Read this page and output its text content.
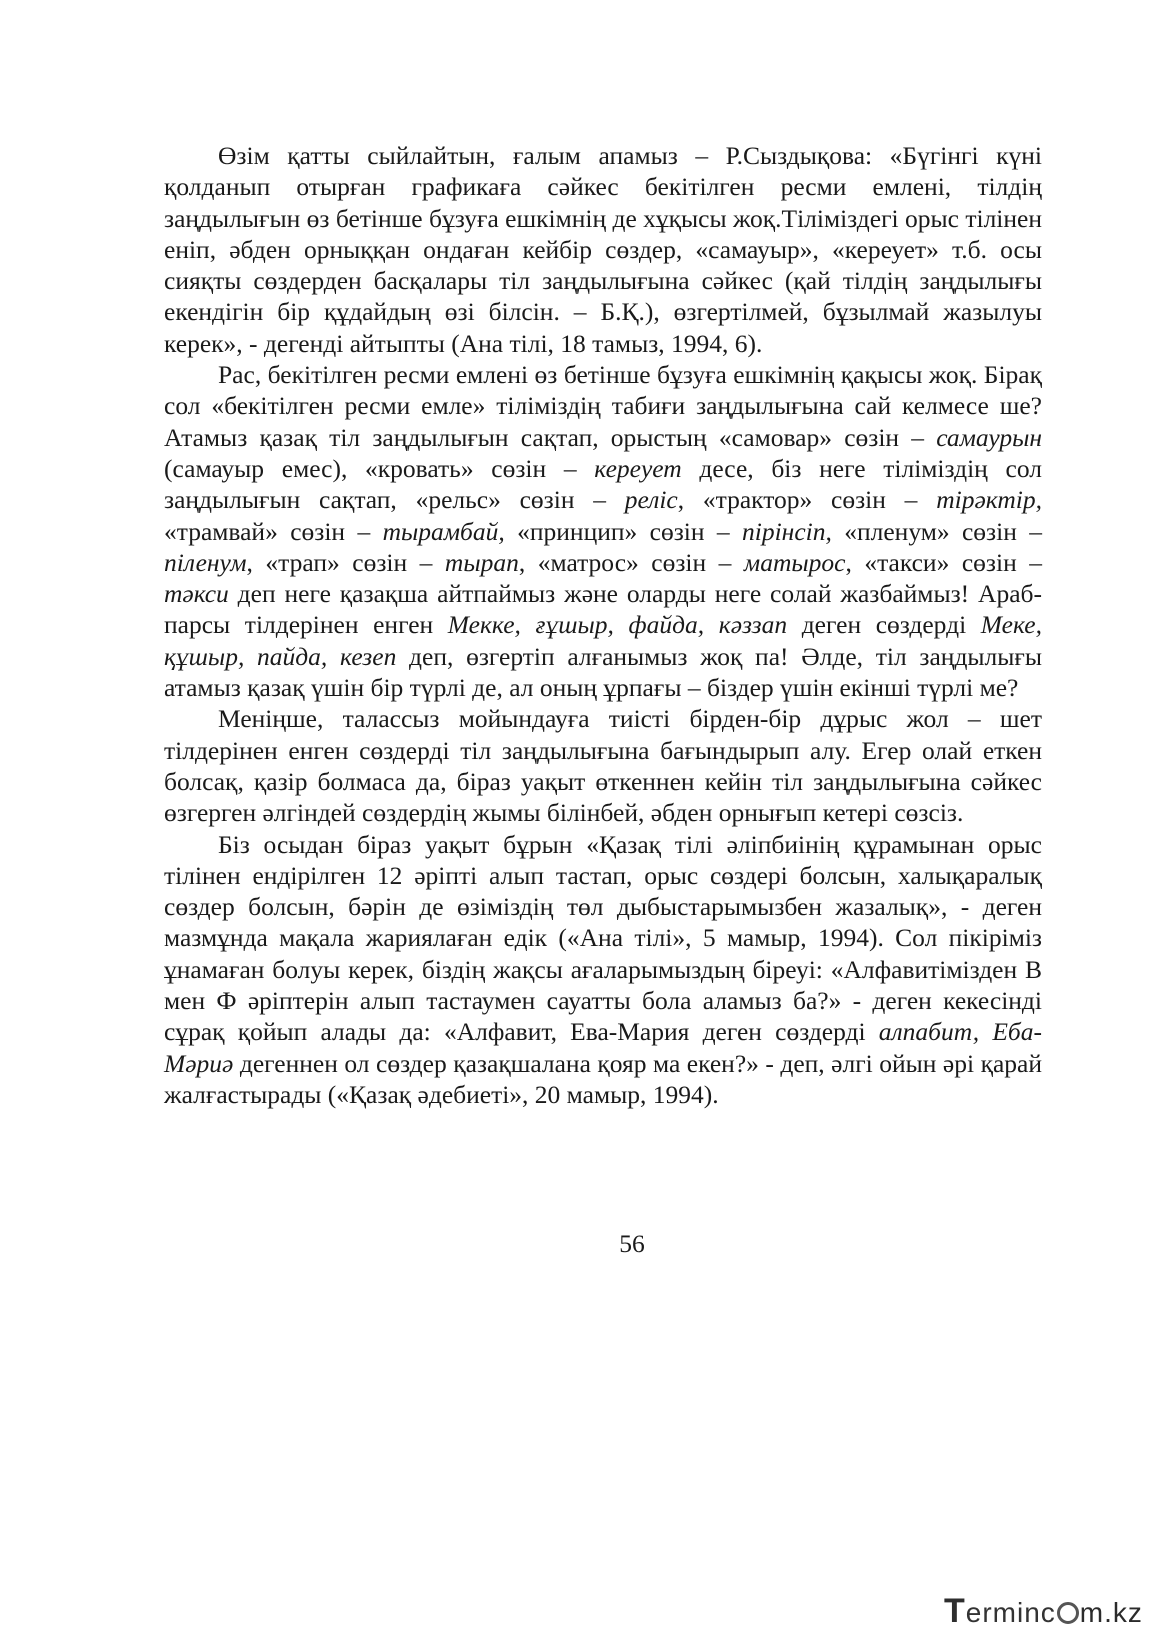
Өзім қатты сыйлайтын, ғалым апамыз – Р.Сыздықова: «Бүгінгі күні қолданып отырған графикаға сәйкес бекітілген ресми емлені, тілдің заңдылығын өз бетінше бұзуға ешкімнің де хұқысы жоқ.Тіліміздегі орыс тілінен еніп, әбден орныққан ондаған кейбір сөздер, «самауыр», «кереует» т.б. осы сияқты сөздерден басқалары тіл заңдылығына сәйкес (қай тілдің заңдылығы екендігін бір құдайдың өзі білсін. – Б.Қ.), өзгертілмей, бұзылмай жазылуы керек», - дегенді айтыпты (Ана тілі, 18 тамыз, 1994, 6).

Рас, бекітілген ресми емлені өз бетінше бұзуға ешкімнің қақысы жоқ. Бірақ сол «бекітілген ресми емле» тіліміздің табиғи заңдылығына сай келмесе ше? Атамыз қазақ тіл заңдылығын сақтап, орыстың «самовар» сөзін – самаурын (самауыр емес), «кровать» сөзін – кереует десе, біз неге тіліміздің сол заңдылығын сақтап, «рельс» сөзін – реліс, «трактор» сөзін – тірәктір, «трамвай» сөзін – тырамбай, «принцип» сөзін – пірінсіп, «пленум» сөзін – піленум, «трап» сөзін – тырап, «матрос» сөзін – матырос, «такси» сөзін – тәкси деп неге қазақша айтпаймыз және оларды неге солай жазбаймыз! Араб-парсы тілдерінен енген Мекке, ғұшыр, файда, кәззап деген сөздерді Меке, құшыр, пайда, кезеп деп, өзгертіп алғанымыз жоқ па! Әлде, тіл заңдылығы атамыз қазақ үшін бір түрлі де, ал оның ұрпағы – біздер үшін екінші түрлі ме?

Меніңше, таласcыз мойындауға тиісті бірден-бір дұрыс жол – шет тілдерінен енген сөздерді тіл заңдылығына бағындырып алу. Егер олай еткен болсақ, қазір болмаса да, біраз уақыт өткеннен кейін тіл заңдылығына сәйкес өзгерген әлгіндей сөздердің жымы білінбей, әбден орнығып кетері сөзсіз.

Біз осыдан біраз уақыт бұрын «Қазақ тілі әліпбиінің құрамынан орыс тілінен ендірілген 12 әріпті алып тастап, орыс сөздері болсын, халықаралық сөздер болсын, бәрін де өзіміздің төл дыбыстарымызбен жазалық», - деген мазмұнда мақала жариялаған едік («Ана тілі», 5 мамыр, 1994). Сол пікіріміз ұнамаған болуы керек, біздің жақсы ағаларымыздың біреуі: «Алфавитімізден В мен Ф әріптерін алып тастаумен сауатты бола аламыз ба?» - деген кекесінді сұрақ қойып алады да: «Алфавит, Ева-Мария деген сөздерді алпабит, Еба-Мәриә дегеннен ол сөздер қазақшалана қояр ма екен?» - деп, әлгі ойын әрі қарай жалғастырады («Қазақ әдебиеті», 20 мамыр, 1994).

56
Terminc m.kz
